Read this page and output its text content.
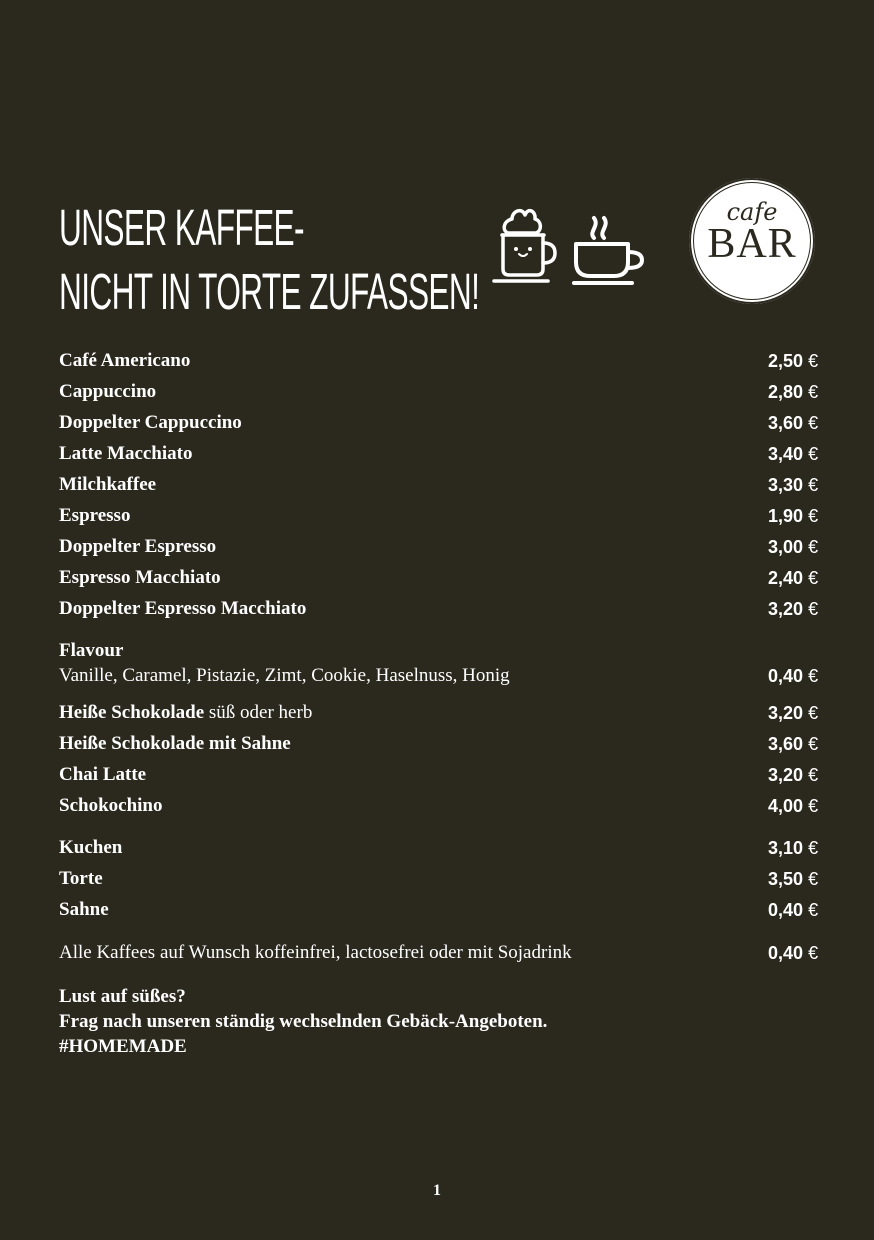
UNSER KAFFEE-
NICHT IN TORTE ZUFASSEN!
cafe
BAR
Café Americano	2,50 €
Cappuccino	2,80 €
Doppelter Cappuccino	3,60 €
Latte Macchiato	3,40 €
Milchkaffee	3,30 €
Espresso	1,90 €
Doppelter Espresso	3,00 €
Espresso Macchiato	2,40 €
Doppelter Espresso Macchiato	3,20 €
Flavour
Vanille, Caramel, Pistazie, Zimt, Cookie, Haselnuss, Honig	0,40 €
Heiße Schokolade süß oder herb	3,20 €
Heiße Schokolade mit Sahne	3,60 €
Chai Latte	3,20 €
Schokochino	4,00 €
Kuchen	3,10 €
Torte	3,50 €
Sahne	0,40 €
Alle Kaffees auf Wunsch koffeinfrei, lactosefrei oder mit Sojadrink	0,40 €
Lust auf süßes?
Frag nach unseren ständig wechselnden Gebäck-Angeboten.
#HOMEMADE
1
